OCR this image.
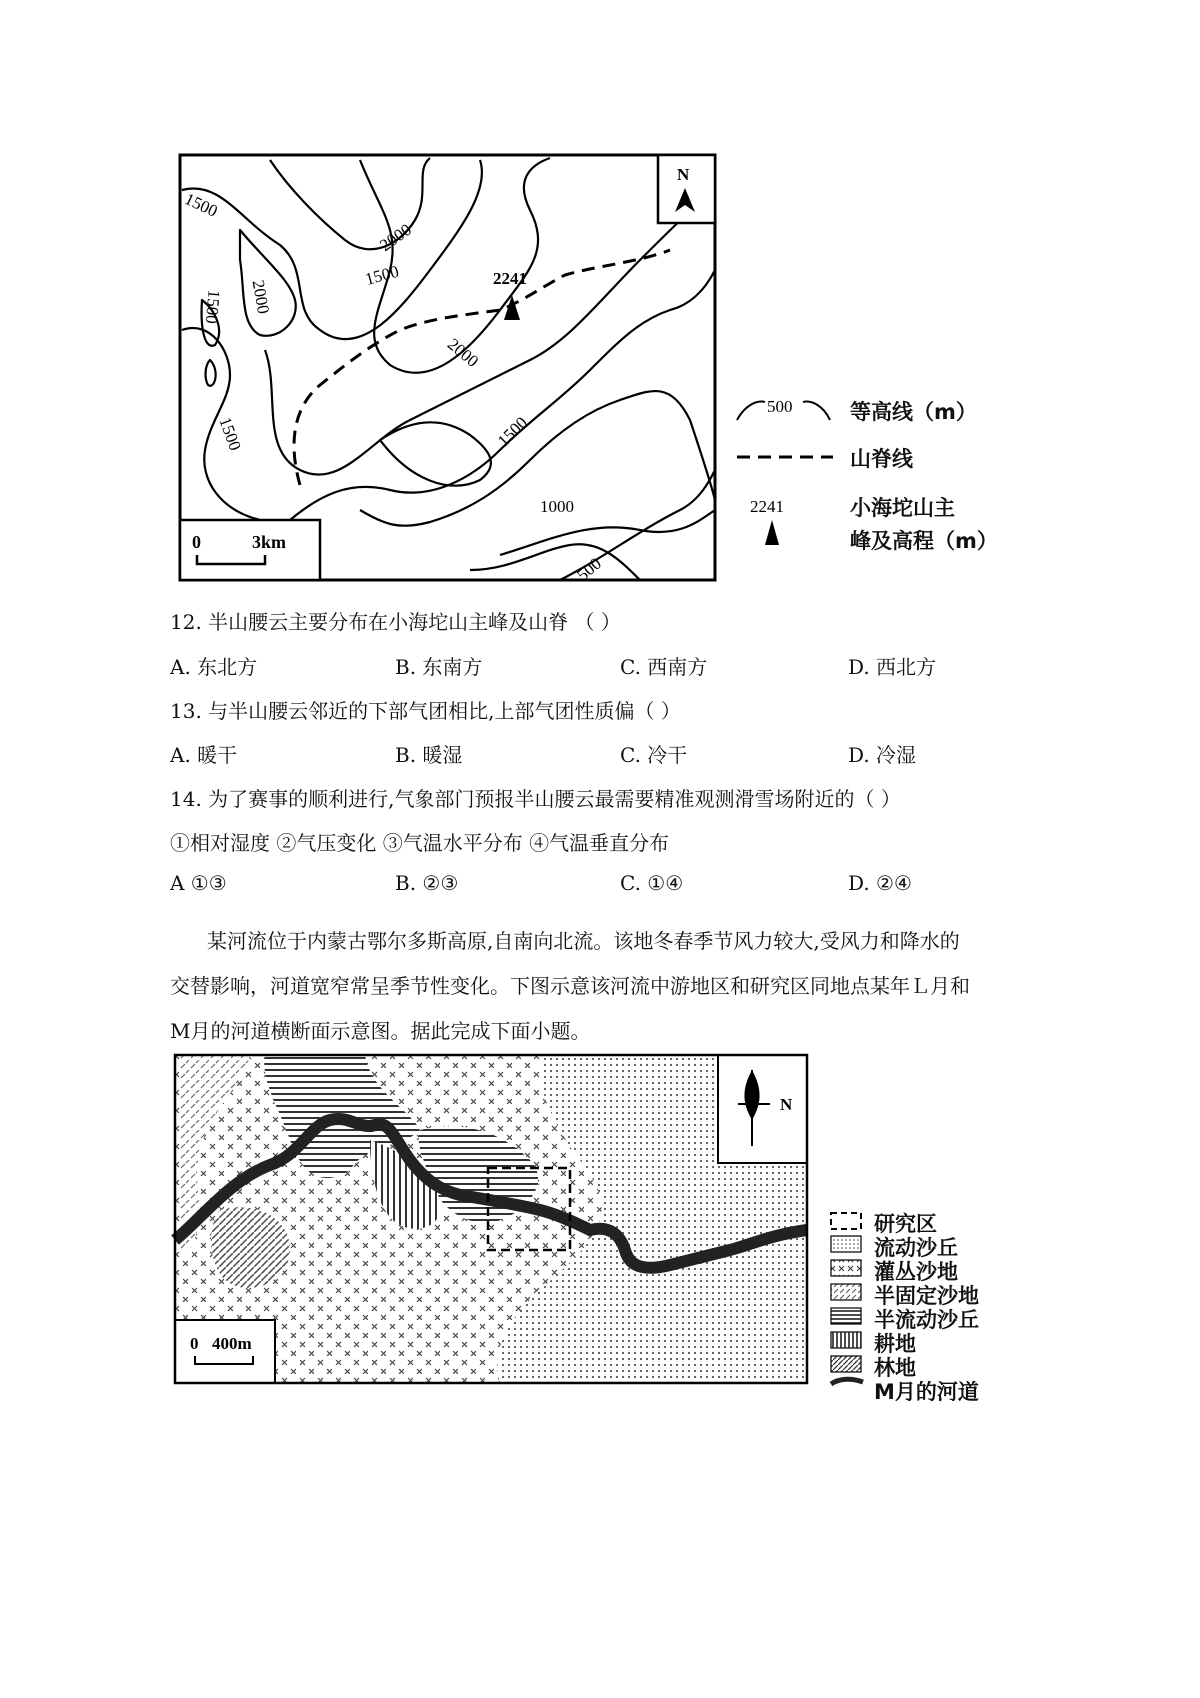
2241
1500
2000
1500
2000
1500
2000
1500	1500
1000
500
N
0	3km
500
2241
等高线（m）
山脊线
小海坨山主
峰及高程（m）
12. 半山腰云主要分布在小海坨山主峰及山脊 （ ）
A. 东北方	B. 东南方	C. 西南方	D. 西北方
13. 与半山腰云邻近的下部气团相比,上部气团性质偏（ ）
A. 暖干	B. 暖湿	C. 冷干	D. 冷湿
14. 为了赛事的顺利进行,气象部门预报半山腰云最需要精准观测滑雪场附近的（ ）
①相对湿度 ②气压变化 ③气温水平分布 ④气温垂直分布
A ①③	B. ②③	C. ①④	D. ②④
某河流位于内蒙古鄂尔多斯高原,自南向北流。该地冬春季节风力较大,受风力和降水的
交替影响，河道宽窄常呈季节性变化。下图示意该河流中游地区和研究区同地点某年Ｌ月和
M月的河道横断面示意图。据此完成下面小题。
N
0 400m
研究区
流动沙丘
灌丛沙地
半固定沙地
半流动沙丘
耕地
林地
M月的河道
